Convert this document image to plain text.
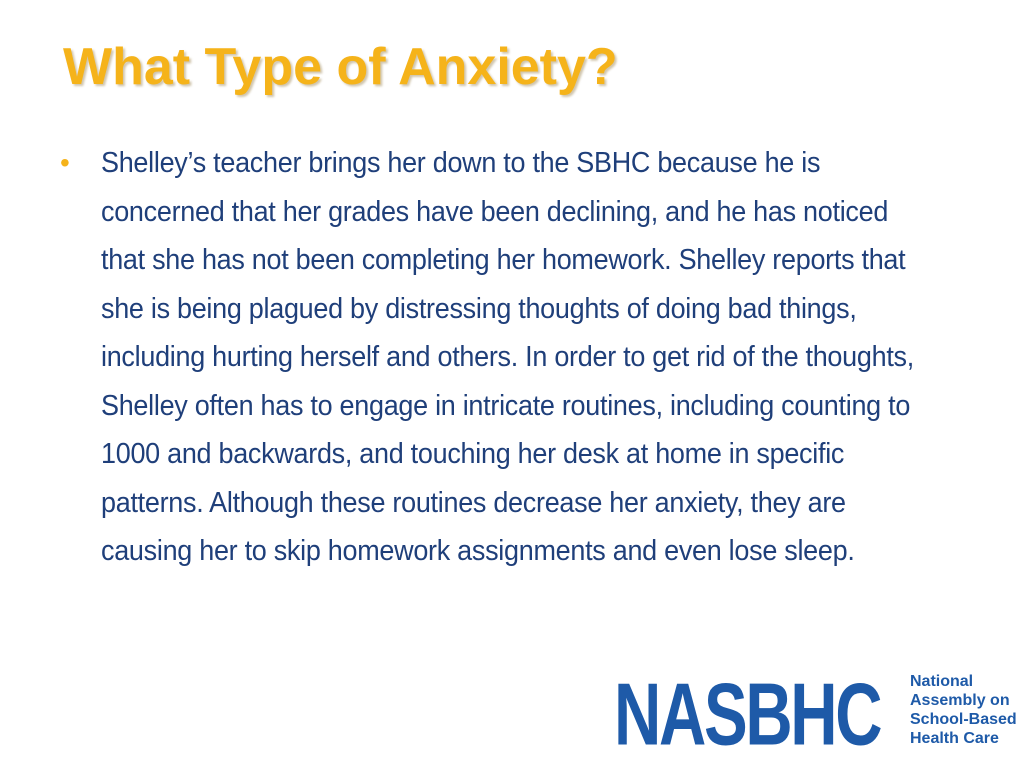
What Type of Anxiety?
•	Shelley’s teacher brings her down to the SBHC because he is concerned that her grades have been declining, and he has noticed that she has not been completing her homework. Shelley reports that she is being plagued by distressing thoughts of doing bad things, including hurting herself and others. In order to get rid of the thoughts, Shelley often has to engage in intricate routines, including counting to 1000 and backwards, and touching her desk at home in specific patterns. Although these routines decrease her anxiety, they are causing her to skip homework assignments and even lose sleep.

NASBHC National
Assembly on
School-Based
Health Care
